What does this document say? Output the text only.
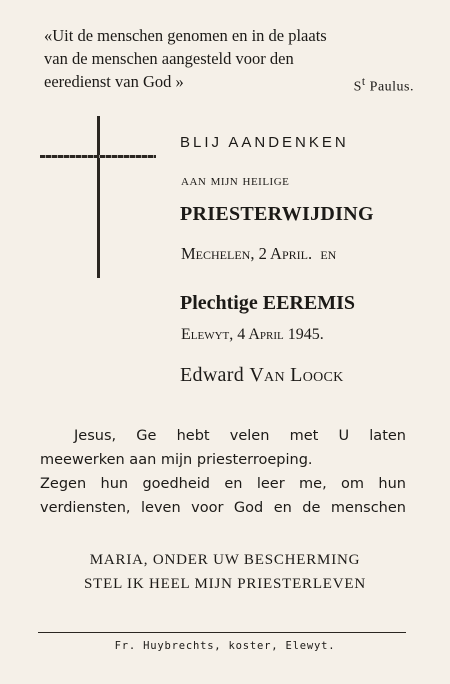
«Uit de menschen genomen en in de plaats
van de menschen aangesteld voor den
eeredienst van God »	$S^t$ Paulus.
BLIJ AANDENKEN
aan mijn heilige
PRIESTERWIJDING
Mechelen, 2 April. en
Plechtige EEREMIS
Elewyt, 4 April 1945.
Edward Van Loock
Jesus, Ge hebt velen met U laten
meewerken aan mijn priesterroeping.
Zegen hun goedheid en leer me, om hun
verdiensten, leven voor God en de menschen
MARIA, ONDER UW BESCHERMING
STEL IK HEEL MIJN PRIESTERLEVEN
Fr. Huybrechts, koster, Elewyt.
